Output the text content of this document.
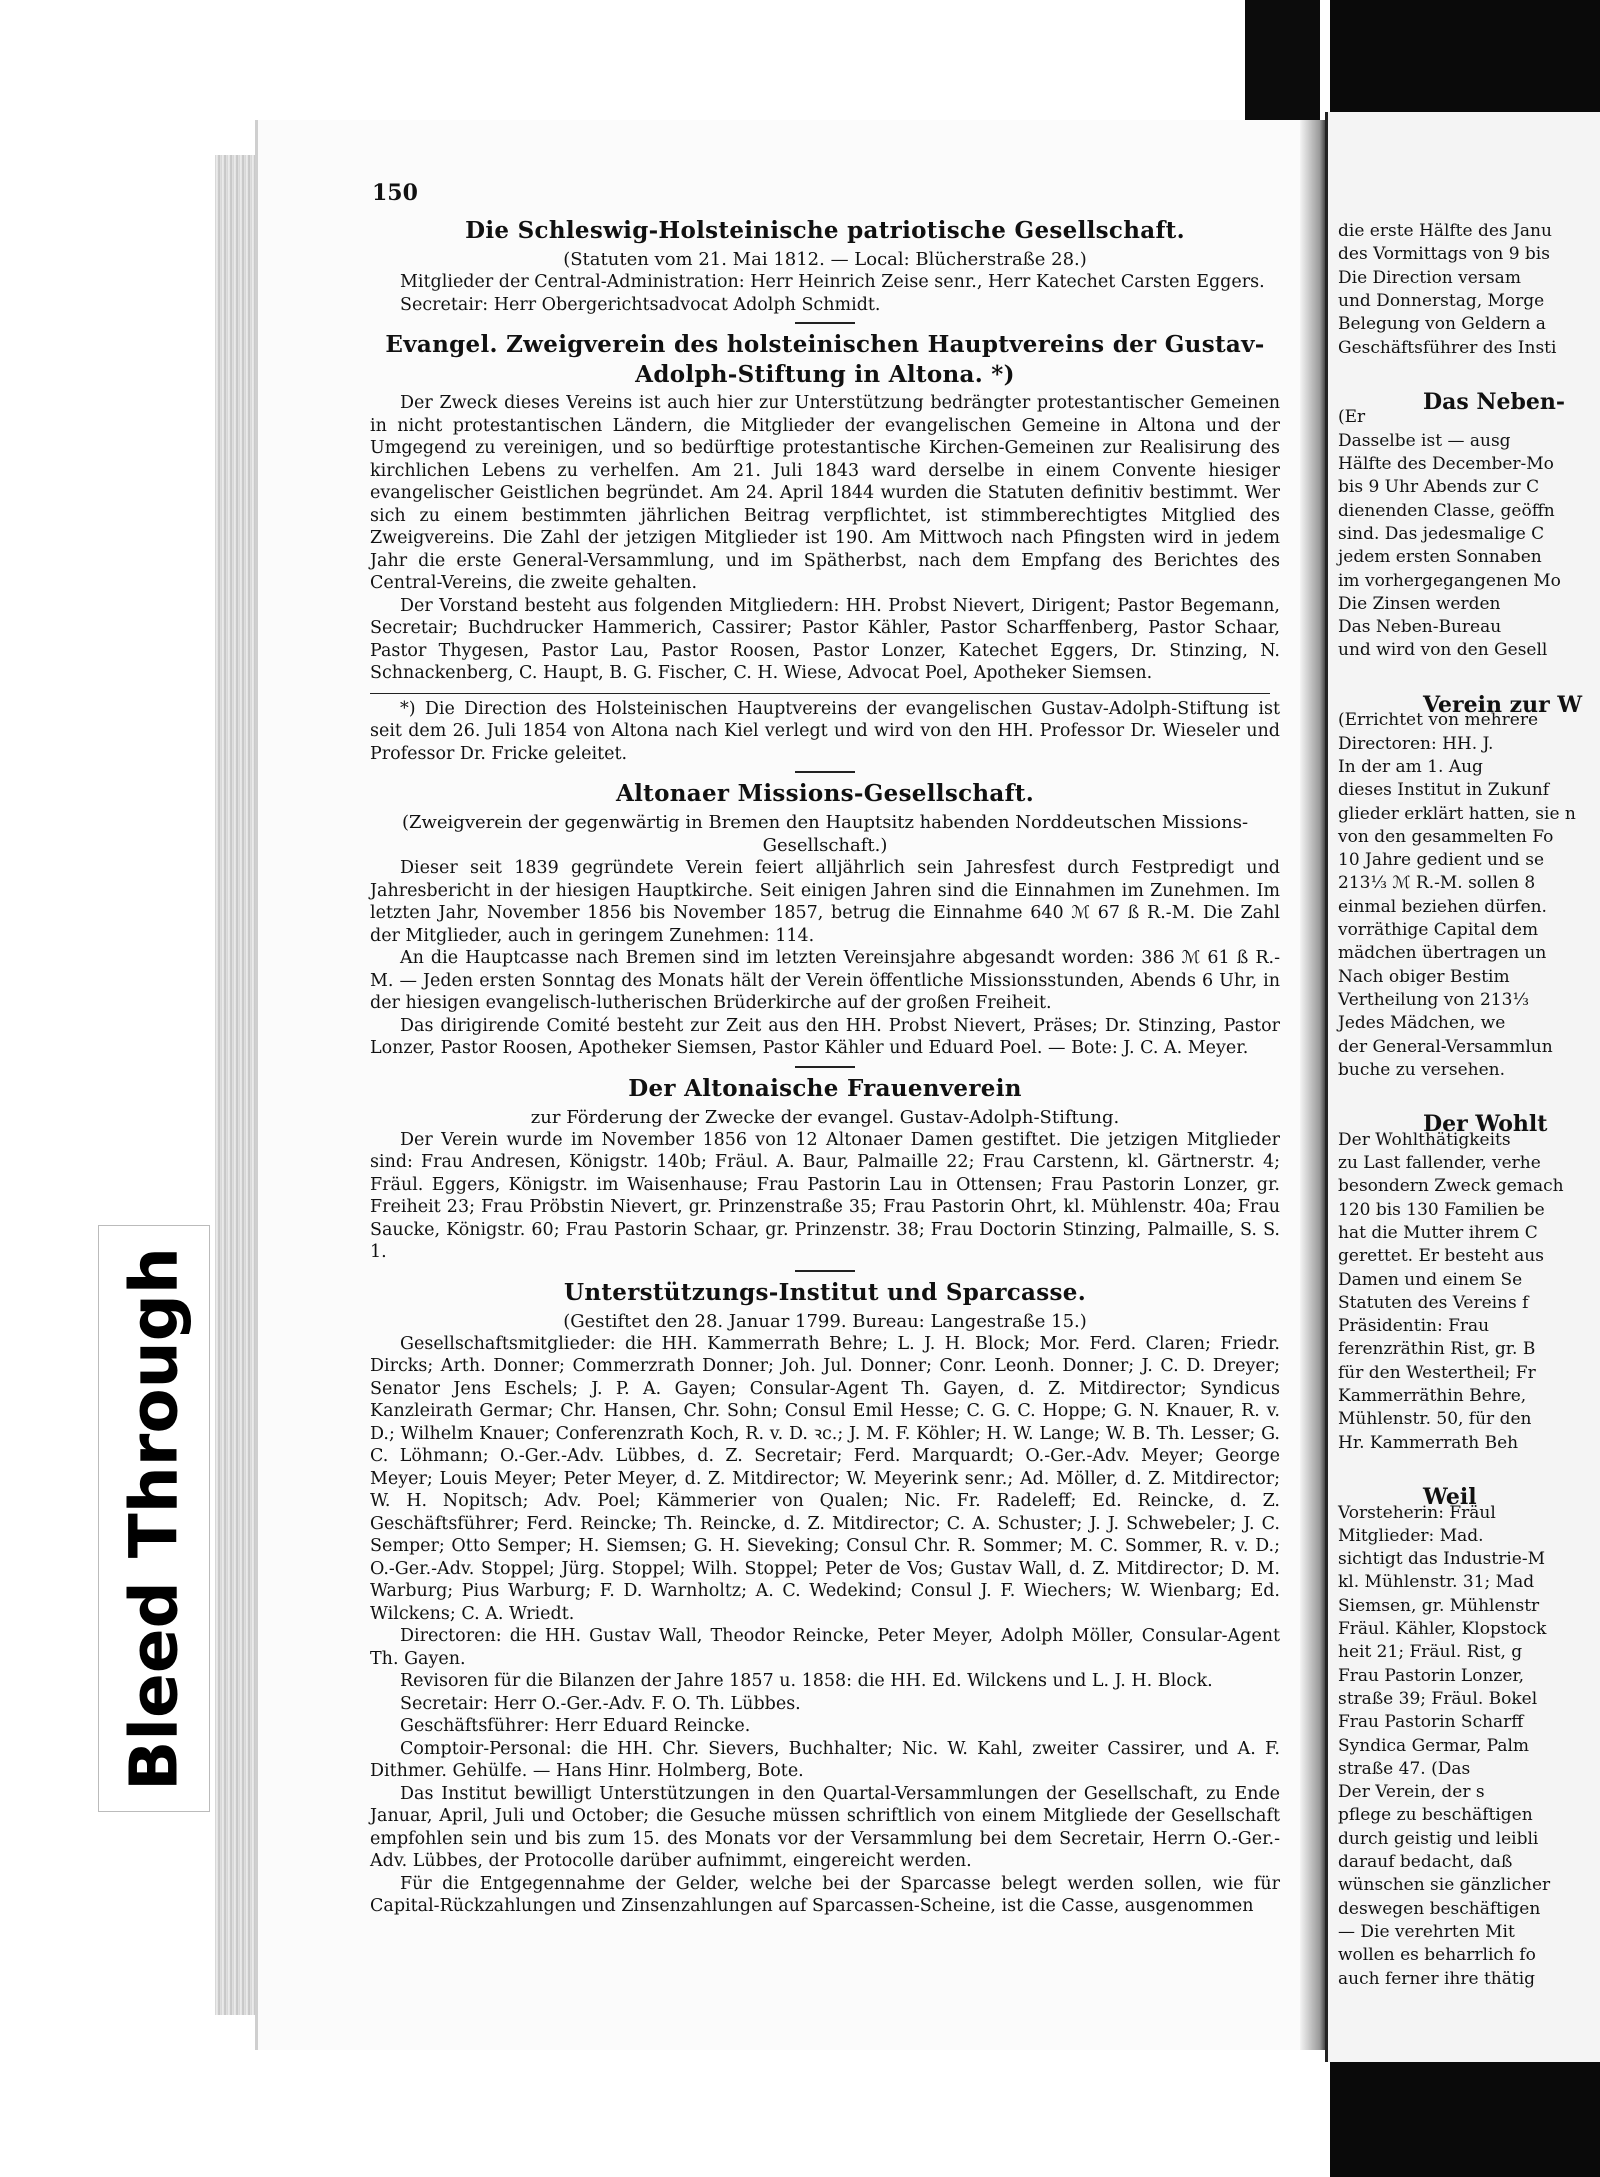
die erste Hälfte des Janu
des Vormittags von 9 bis
Die Direction versam
und Donnerstag, Morge
Belegung von Geldern a
Geschäftsführer des Insti
(Er
Dasselbe ist — ausg
Hälfte des December-Mo
bis 9 Uhr Abends zur C
dienenden Classe, geöffn
sind. Das jedesmalige C
jedem ersten Sonnaben
im vorhergegangenen Mo
Die Zinsen werden
Das Neben-Bureau
und wird von den Gesell
(Errichtet von mehrere
Directoren: HH. J.
In der am 1. Aug
dieses Institut in Zukunf
glieder erklärt hatten, sie n
von den gesammelten Fo
10 Jahre gedient und se
213⅓ ℳ R.-M. sollen 8
einmal beziehen dürfen.
vorräthige Capital dem
mädchen übertragen un
Nach obiger Bestim
Vertheilung von 213⅓
Jedes Mädchen, we
der General-Versammlun
buche zu versehen.
Der Wohlthätigkeits
zu Last fallender, verhe
besondern Zweck gemach
120 bis 130 Familien be
hat die Mutter ihrem C
gerettet. Er besteht aus
Damen und einem Se
Statuten des Vereins f
Präsidentin: Frau
ferenzräthin Rist, gr. B
für den Westertheil; Fr
Kammerräthin Behre,
Mühlenstr. 50, für den
Hr. Kammerrath Beh
Vorsteherin: Fräul
Mitglieder: Mad.
sichtigt das Industrie-M
kl. Mühlenstr. 31; Mad
Siemsen, gr. Mühlenstr
Fräul. Kähler, Klopstock
heit 21; Fräul. Rist, g
Frau Pastorin Lonzer,
straße 39; Fräul. Bokel
Frau Pastorin Scharff
Syndica Germar, Palm
straße 47. (Das
Der Verein, der s
pflege zu beschäftigen
durch geistig und leibli
darauf bedacht, daß
wünschen sie gänzlicher
deswegen beschäftigen
— Die verehrten Mit
wollen es beharrlich fo
auch ferner ihre thätig
Das Neben-
Verein zur W
Der Wohlt
Weil
Bleed Through
150
Die Schleswig-Holsteinische patriotische Gesellschaft.
(Statuten vom 21. Mai 1812. — Local: Blücherstraße 28.)

Mitglieder der Central-Administration: Herr Heinrich Zeise senr., Herr Katechet Carsten Eggers.

Secretair: Herr Obergerichtsadvocat Adolph Schmidt.

Evangel. Zweigverein des holsteinischen Hauptvereins der Gustav-Adolph-Stiftung in Altona. *)

Der Zweck dieses Vereins ist auch hier zur Unterstützung bedrängter protestantischer Gemeinen in nicht protestantischen Ländern, die Mitglieder der evangelischen Gemeine in Altona und der Umgegend zu vereinigen, und so bedürftige protestantische Kirchen-Gemeinen zur Realisirung des kirchlichen Lebens zu verhelfen. Am 21. Juli 1843 ward derselbe in einem Convente hiesiger evangelischer Geistlichen begründet. Am 24. April 1844 wurden die Statuten definitiv bestimmt. Wer sich zu einem bestimmten jährlichen Beitrag verpflichtet, ist stimmberechtigtes Mitglied des Zweigvereins. Die Zahl der jetzigen Mitglieder ist 190. Am Mittwoch nach Pfingsten wird in jedem Jahr die erste General-Versammlung, und im Spätherbst, nach dem Empfang des Berichtes des Central-Vereins, die zweite gehalten.

Der Vorstand besteht aus folgenden Mitgliedern: HH. Probst Nievert, Dirigent; Pastor Begemann, Secretair; Buchdrucker Hammerich, Cassirer; Pastor Kähler, Pastor Scharffenberg, Pastor Schaar, Pastor Thygesen, Pastor Lau, Pastor Roosen, Pastor Lonzer, Katechet Eggers, Dr. Stinzing, N. Schnackenberg, C. Haupt, B. G. Fischer, C. H. Wiese, Advocat Poel, Apotheker Siemsen.

*) Die Direction des Holsteinischen Hauptvereins der evangelischen Gustav-Adolph-Stiftung ist seit dem 26. Juli 1854 von Altona nach Kiel verlegt und wird von den HH. Professor Dr. Wieseler und Professor Dr. Fricke geleitet.

Altonaer Missions-Gesellschaft.
(Zweigverein der gegenwärtig in Bremen den Hauptsitz habenden Norddeutschen Missions-Gesellschaft.)

Dieser seit 1839 gegründete Verein feiert alljährlich sein Jahresfest durch Festpredigt und Jahresbericht in der hiesigen Hauptkirche. Seit einigen Jahren sind die Einnahmen im Zunehmen. Im letzten Jahr, November 1856 bis November 1857, betrug die Einnahme 640 ℳ 67 ß R.-M. Die Zahl der Mitglieder, auch in geringem Zunehmen: 114.

An die Hauptcasse nach Bremen sind im letzten Vereinsjahre abgesandt worden: 386 ℳ 61 ß R.-M. — Jeden ersten Sonntag des Monats hält der Verein öffentliche Missionsstunden, Abends 6 Uhr, in der hiesigen evangelisch-lutherischen Brüderkirche auf der großen Freiheit.

Das dirigirende Comité besteht zur Zeit aus den HH. Probst Nievert, Präses; Dr. Stinzing, Pastor Lonzer, Pastor Roosen, Apotheker Siemsen, Pastor Kähler und Eduard Poel. — Bote: J. C. A. Meyer.

Der Altonaische Frauenverein
zur Förderung der Zwecke der evangel. Gustav-Adolph-Stiftung.

Der Verein wurde im November 1856 von 12 Altonaer Damen gestiftet. Die jetzigen Mitglieder sind: Frau Andresen, Königstr. 140b; Fräul. A. Baur, Palmaille 22; Frau Carstenn, kl. Gärtnerstr. 4; Fräul. Eggers, Königstr. im Waisenhause; Frau Pastorin Lau in Ottensen; Frau Pastorin Lonzer, gr. Freiheit 23; Frau Pröbstin Nievert, gr. Prinzenstraße 35; Frau Pastorin Ohrt, kl. Mühlenstr. 40a; Frau Saucke, Königstr. 60; Frau Pastorin Schaar, gr. Prinzenstr. 38; Frau Doctorin Stinzing, Palmaille, S. S. 1.

Unterstützungs-Institut und Sparcasse.
(Gestiftet den 28. Januar 1799. Bureau: Langestraße 15.)

Gesellschaftsmitglieder: die HH. Kammerrath Behre; L. J. H. Block; Mor. Ferd. Claren; Friedr. Dircks; Arth. Donner; Commerzrath Donner; Joh. Jul. Donner; Conr. Leonh. Donner; J. C. D. Dreyer; Senator Jens Eschels; J. P. A. Gayen; Consular-Agent Th. Gayen, d. Z. Mitdirector; Syndicus Kanzleirath Germar; Chr. Hansen, Chr. Sohn; Consul Emil Hesse; C. G. C. Hoppe; G. N. Knauer, R. v. D.; Wilhelm Knauer; Conferenzrath Koch, R. v. D. ꝛc.; J. M. F. Köhler; H. W. Lange; W. B. Th. Lesser; G. C. Löhmann; O.-Ger.-Adv. Lübbes, d. Z. Secretair; Ferd. Marquardt; O.-Ger.-Adv. Meyer; George Meyer; Louis Meyer; Peter Meyer, d. Z. Mitdirector; W. Meyerink senr.; Ad. Möller, d. Z. Mitdirector; W. H. Nopitsch; Adv. Poel; Kämmerier von Qualen; Nic. Fr. Radeleff; Ed. Reincke, d. Z. Geschäftsführer; Ferd. Reincke; Th. Reincke, d. Z. Mitdirector; C. A. Schuster; J. J. Schwebeler; J. C. Semper; Otto Semper; H. Siemsen; G. H. Sieveking; Consul Chr. R. Sommer; M. C. Sommer, R. v. D.; O.-Ger.-Adv. Stoppel; Jürg. Stoppel; Wilh. Stoppel; Peter de Vos; Gustav Wall, d. Z. Mitdirector; D. M. Warburg; Pius Warburg; F. D. Warnholtz; A. C. Wedekind; Consul J. F. Wiechers; W. Wienbarg; Ed. Wilckens; C. A. Wriedt.

Directoren: die HH. Gustav Wall, Theodor Reincke, Peter Meyer, Adolph Möller, Consular-Agent Th. Gayen.

Revisoren für die Bilanzen der Jahre 1857 u. 1858: die HH. Ed. Wilckens und L. J. H. Block.

Secretair: Herr O.-Ger.-Adv. F. O. Th. Lübbes.

Geschäftsführer: Herr Eduard Reincke.

Comptoir-Personal: die HH. Chr. Sievers, Buchhalter; Nic. W. Kahl, zweiter Cassirer, und A. F. Dithmer. Gehülfe. — Hans Hinr. Holmberg, Bote.

Das Institut bewilligt Unterstützungen in den Quartal-Versammlungen der Gesellschaft, zu Ende Januar, April, Juli und October; die Gesuche müssen schriftlich von einem Mitgliede der Gesellschaft empfohlen sein und bis zum 15. des Monats vor der Versammlung bei dem Secretair, Herrn O.-Ger.-Adv. Lübbes, der Protocolle darüber aufnimmt, eingereicht werden.

Für die Entgegennahme der Gelder, welche bei der Sparcasse belegt werden sollen, wie für Capital-Rückzahlungen und Zinsenzahlungen auf Sparcassen-Scheine, ist die Casse, ausgenommen
